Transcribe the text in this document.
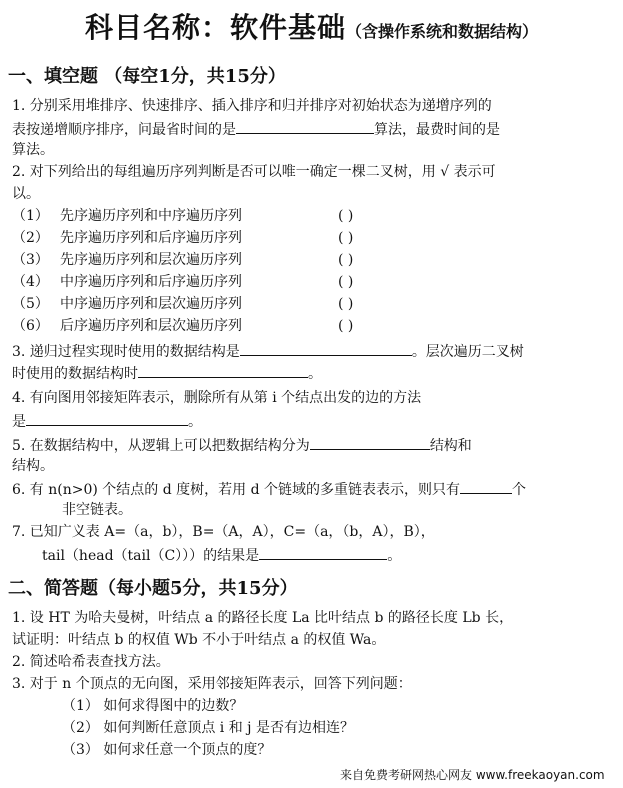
科目名称：软件基础（含操作系统和数据结构）
一、填空题 （每空1分，共15分）
1. 分别采用堆排序、快速排序、插入排序和归并排序对初始状态为递增序列的
表按递增顺序排序，问最省时间的是	算法，最费时间的是
算法。
2. 对下列给出的每组遍历序列判断是否可以唯一确定一棵二叉树，用 √ 表示可
以。
（1） 先序遍历序列和中序遍历序列	( )
（2） 先序遍历序列和后序遍历序列	( )
（3） 先序遍历序列和层次遍历序列	( )
（4） 中序遍历序列和后序遍历序列	( )
（5） 中序遍历序列和层次遍历序列	( )
（6） 后序遍历序列和层次遍历序列	( )
3. 递归过程实现时使用的数据结构是	。层次遍历二叉树
时使用的数据结构时	。
4. 有向图用邻接矩阵表示，删除所有从第 i 个结点出发的边的方法
是	。
5. 在数据结构中，从逻辑上可以把数据结构分为	结构和
结构。
6. 有 n(n>0) 个结点的 d 度树，若用 d 个链域的多重链表表示，则只有	个
非空链表。
7. 已知广义表 A=（a，b），B=（A，A），C=（a，（b，A），B），
tail（head（tail（C）））的结果是	。
二、简答题（每小题5分，共15分）
1. 设 HT 为哈夫曼树，叶结点 a 的路径长度 La 比叶结点 b 的路径长度 Lb 长，
试证明：叶结点 b 的权值 Wb 不小于叶结点 a 的权值 Wa。
2. 简述哈希表查找方法。
3. 对于 n 个顶点的无向图，采用邻接矩阵表示，回答下列问题：
（1） 如何求得图中的边数？
（2） 如何判断任意顶点 i 和 j 是否有边相连？
（3） 如何求任意一个顶点的度？
来自免费考研网热心网友 www.freekaoyan.com
